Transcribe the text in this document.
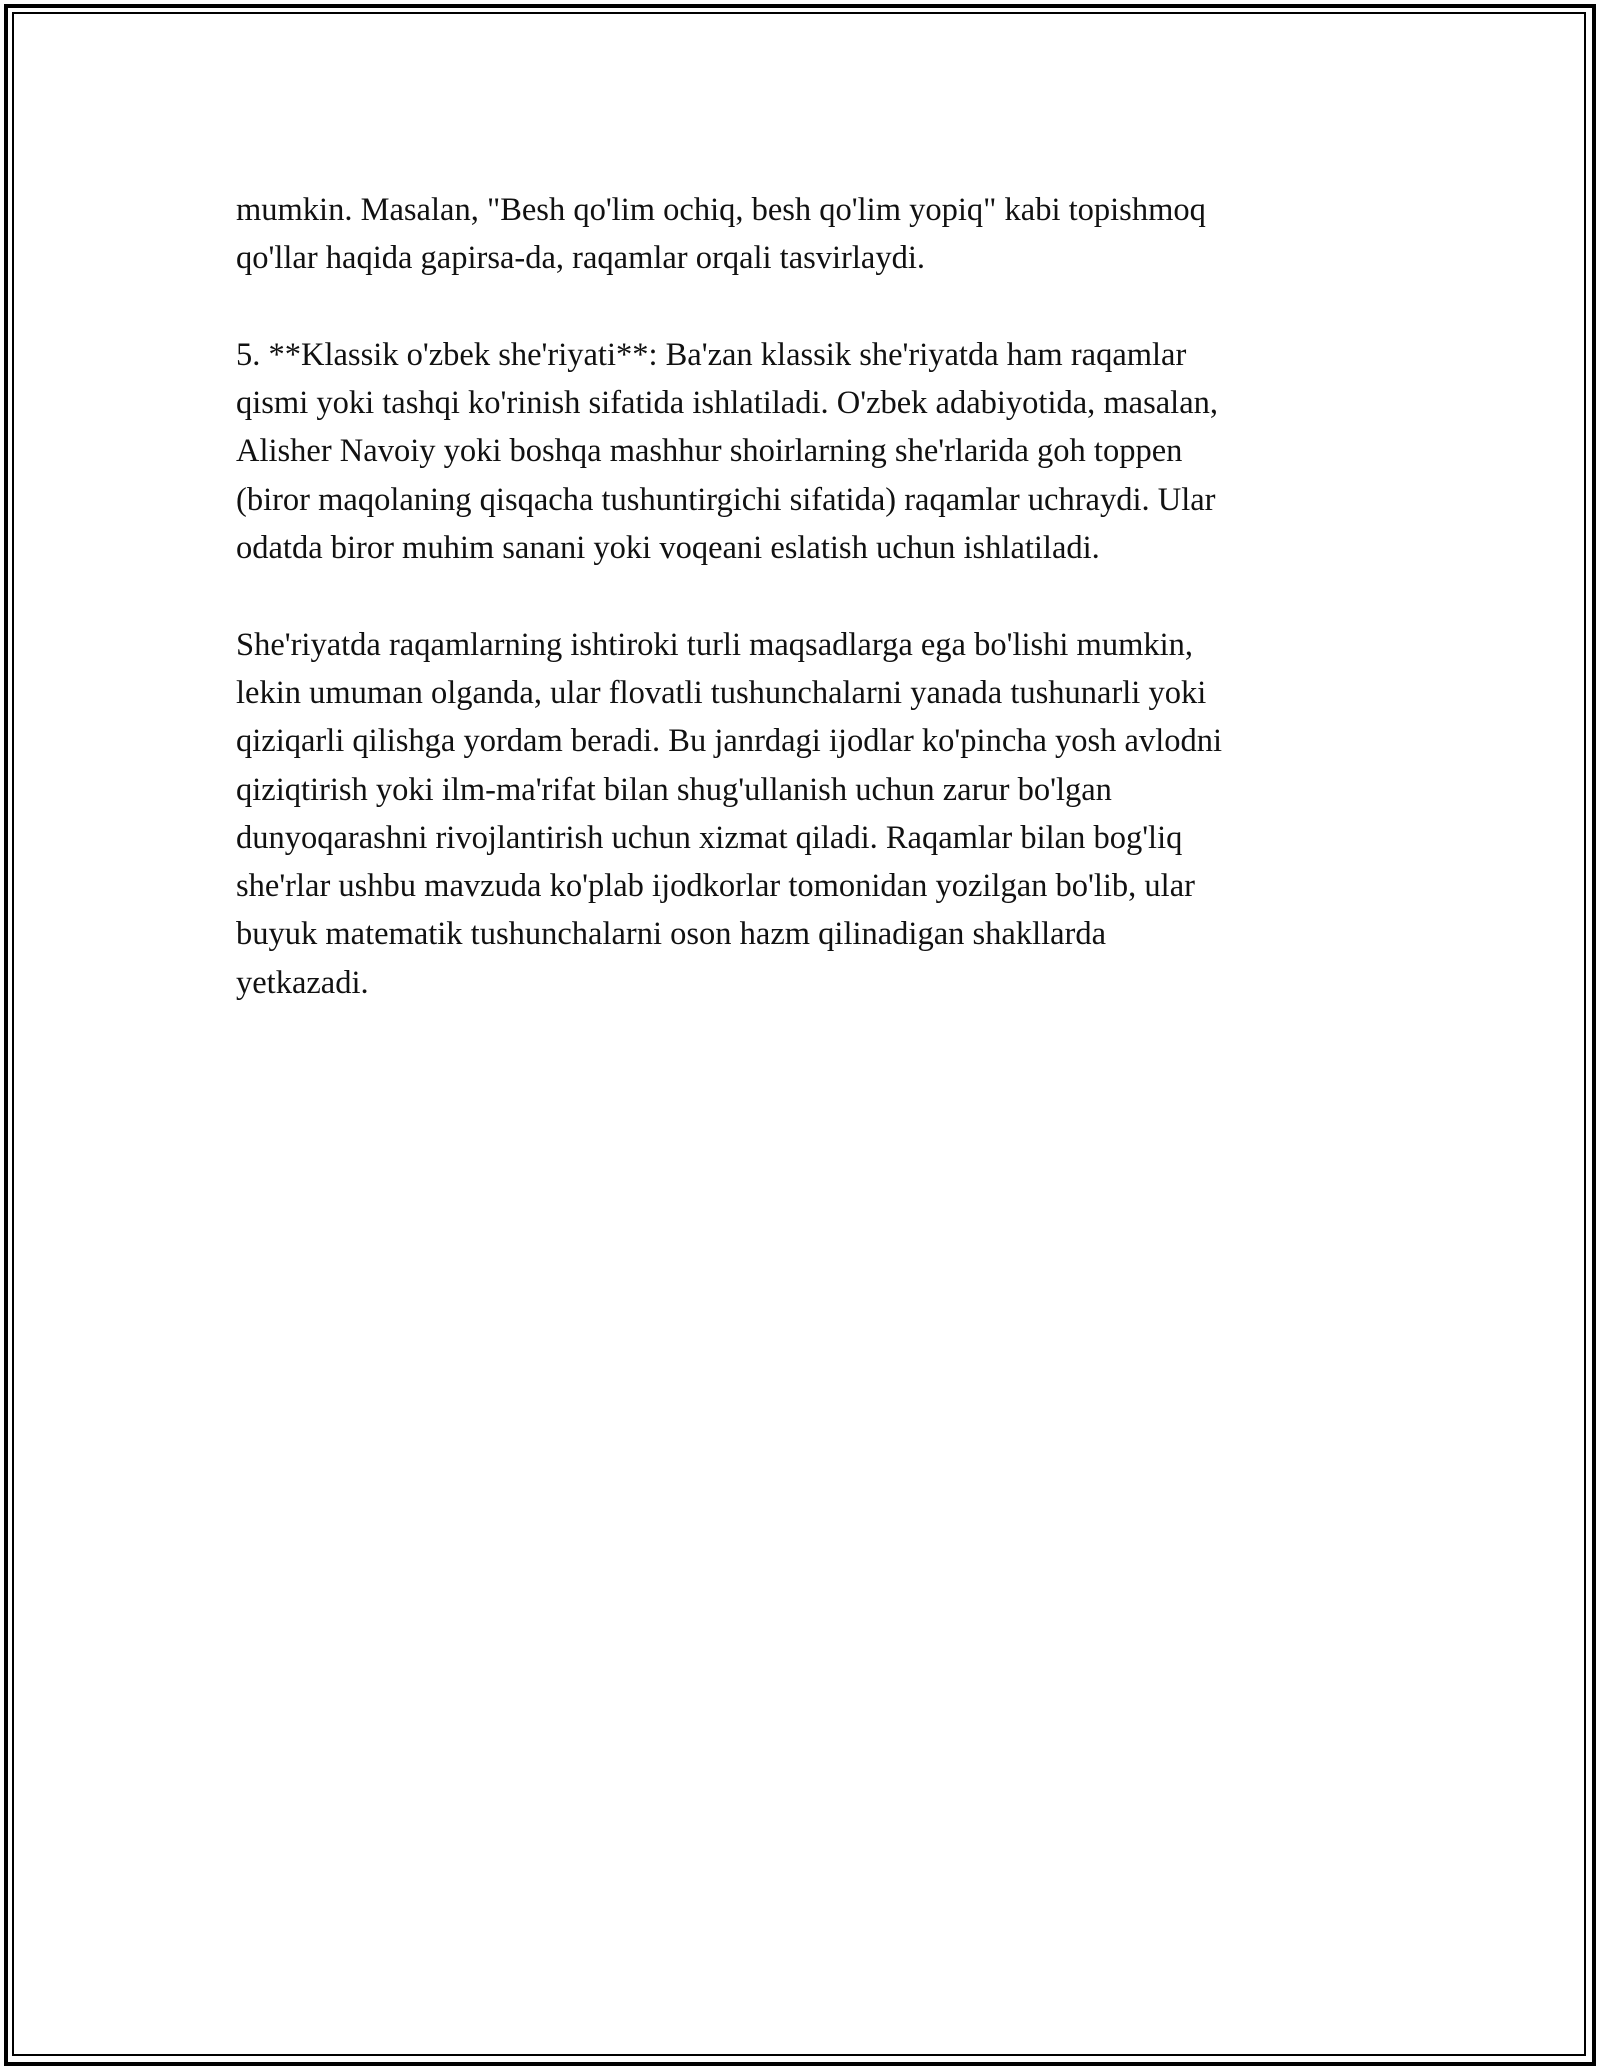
mumkin. Masalan, "Besh qo'lim ochiq, besh qo'lim yopiq" kabi topishmoq
qo'llar haqida gapirsa-da, raqamlar orqali tasvirlaydi.

5. **Klassik o'zbek she'riyati**: Ba'zan klassik she'riyatda ham raqamlar
qismi yoki tashqi ko'rinish sifatida ishlatiladi. O'zbek adabiyotida, masalan,
Alisher Navoiy yoki boshqa mashhur shoirlarning she'rlarida goh toppen
(biror maqolaning qisqacha tushuntirgichi sifatida) raqamlar uchraydi. Ular
odatda biror muhim sanani yoki voqeani eslatish uchun ishlatiladi.

She'riyatda raqamlarning ishtiroki turli maqsadlarga ega bo'lishi mumkin,
lekin umuman olganda, ular flovatli tushunchalarni yanada tushunarli yoki
qiziqarli qilishga yordam beradi. Bu janrdagi ijodlar ko'pincha yosh avlodni
qiziqtirish yoki ilm-ma'rifat bilan shug'ullanish uchun zarur bo'lgan
dunyoqarashni rivojlantirish uchun xizmat qiladi. Raqamlar bilan bog'liq
she'rlar ushbu mavzuda ko'plab ijodkorlar tomonidan yozilgan bo'lib, ular
buyuk matematik tushunchalarni oson hazm qilinadigan shakllarda
yetkazadi.
